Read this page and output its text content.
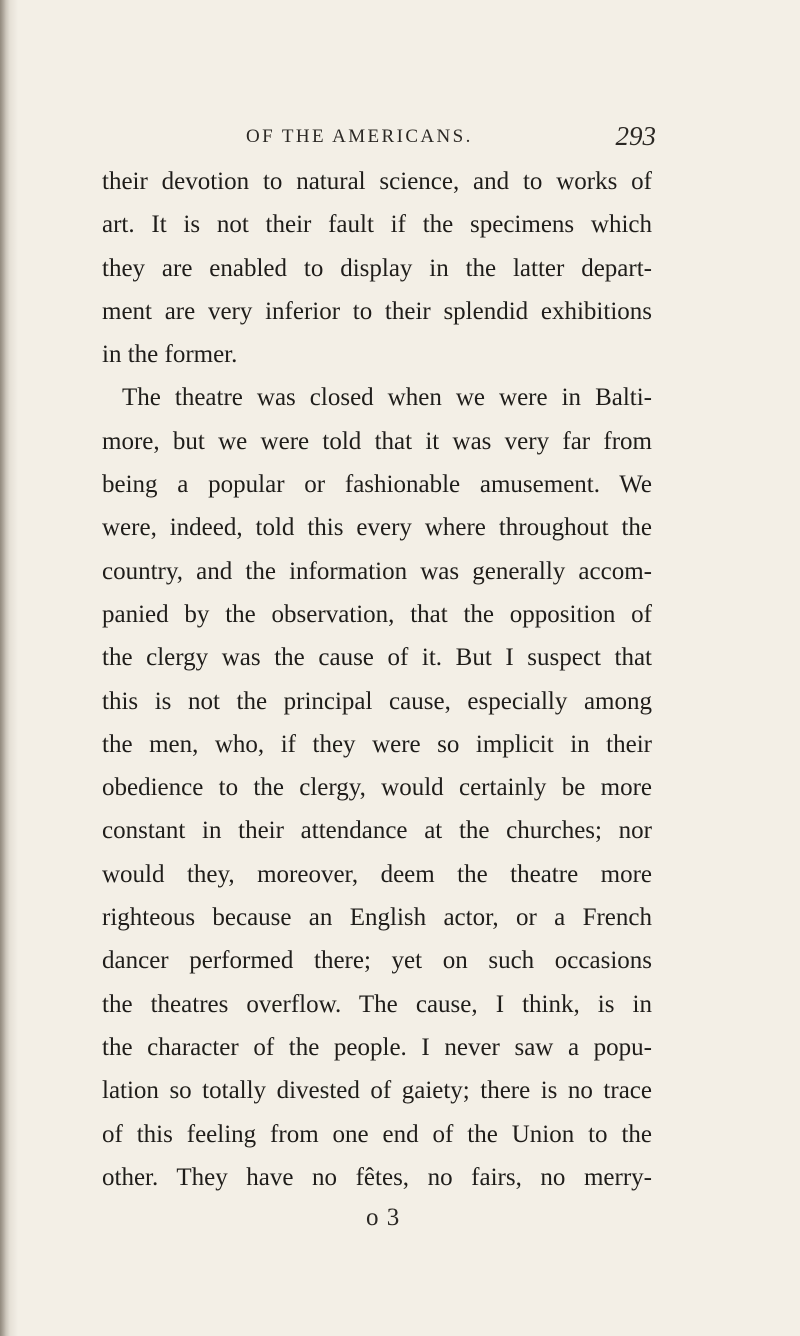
OF THE AMERICANS.	293
their devotion to natural science, and to works of
art. It is not their fault if the specimens which
they are enabled to display in the latter depart-
ment are very inferior to their splendid exhibitions
in the former.
The theatre was closed when we were in Balti-
more, but we were told that it was very far from
being a popular or fashionable amusement. We
were, indeed, told this every where throughout the
country, and the information was generally accom-
panied by the observation, that the opposition of
the clergy was the cause of it. But I suspect that
this is not the principal cause, especially among
the men, who, if they were so implicit in their
obedience to the clergy, would certainly be more
constant in their attendance at the churches; nor
would they, moreover, deem the theatre more
righteous because an English actor, or a French
dancer performed there; yet on such occasions
the theatres overflow. The cause, I think, is in
the character of the people. I never saw a popu-
lation so totally divested of gaiety; there is no trace
of this feeling from one end of the Union to the
other. They have no fêtes, no fairs, no merry-
o 3
